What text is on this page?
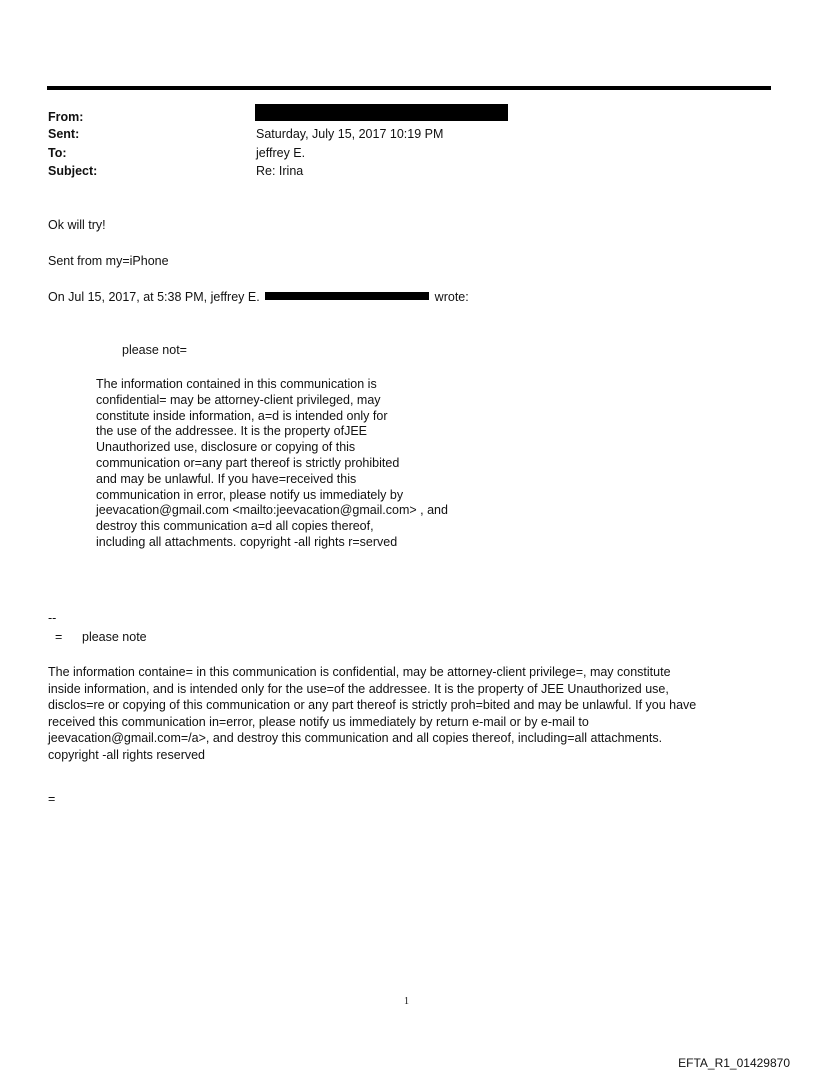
From:
Sent:
To:
Subject:
Saturday, July 15, 2017 10:19 PM
jeffrey E.
Re: Irina
Ok will try!
Sent from my=iPhone
On Jul 15, 2017, at 5:38 PM, jeffrey E.	wrote:
please not=
The information contained in this communication is
confidential= may be attorney-client privileged, may
constitute inside information, a=d is intended only for
the use of the addressee. It is the property ofJEE
Unauthorized use, disclosure or copying of this
communication or=any part thereof is strictly prohibited
and may be unlawful. If you have=received this
communication in error, please notify us immediately by
jeevacation@gmail.com <mailto:jeevacation@gmail.com> , and
destroy this communication a=d all copies thereof,
including all attachments. copyright -all rights r=served
--
= please note
The information containe= in this communication is confidential, may be attorney-client privilege=, may constitute
inside information, and is intended only for the use=of the addressee. It is the property of JEE Unauthorized use,
disclos=re or copying of this communication or any part thereof is strictly proh=bited and may be unlawful. If you have
received this communication in=error, please notify us immediately by return e-mail or by e-mail to
jeevacation@gmail.com=/a>, and destroy this communication and all copies thereof, including=all attachments.
copyright -all rights reserved
=
1
EFTA_R1_01429870
